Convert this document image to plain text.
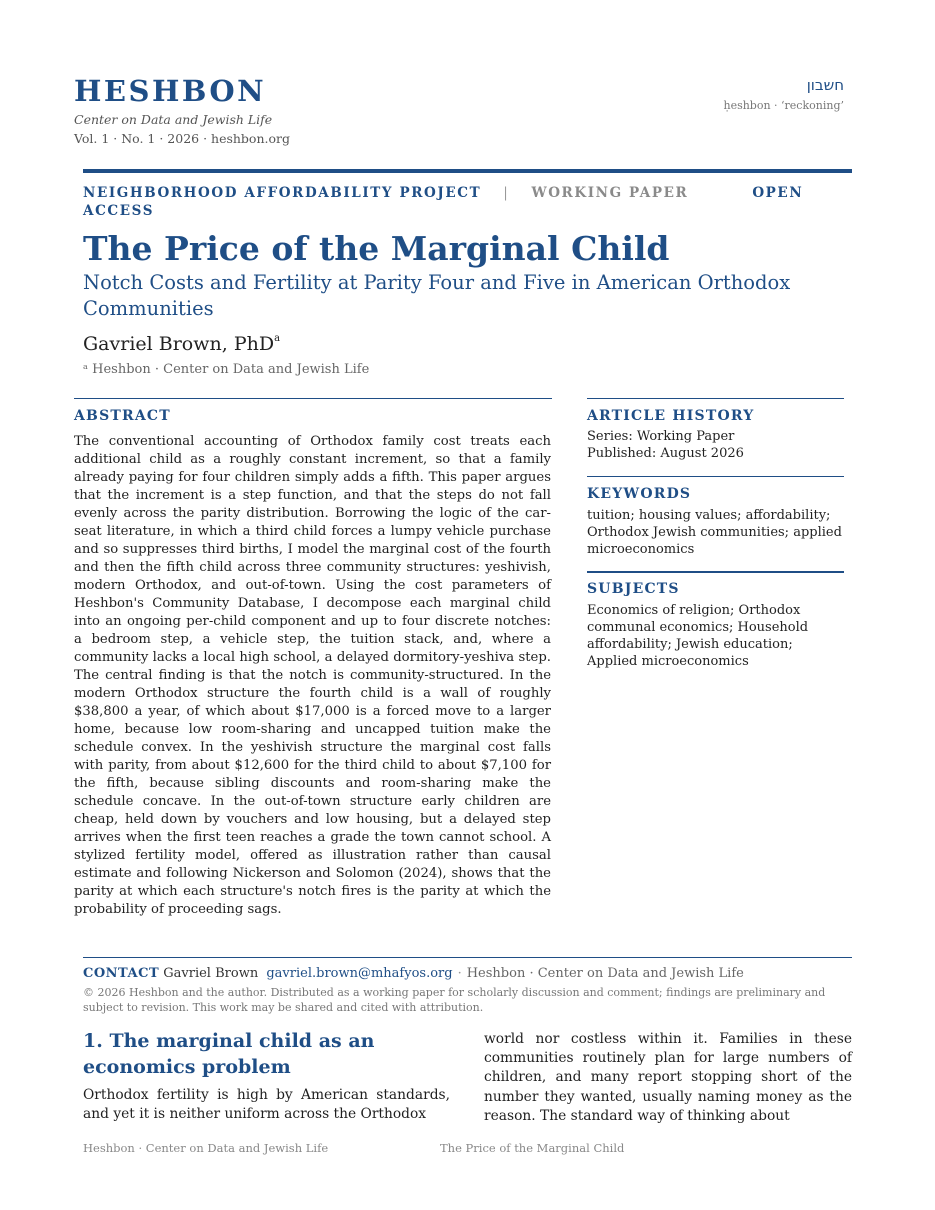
HESHBON
Center on Data and Jewish Life
Vol. 1 · No. 1 · 2026 · heshbon.org
חשבון
ḥeshbon · ‘reckoning’
NEIGHBORHOOD AFFORDABILITY PROJECT | WORKING PAPER	OPEN ACCESS
The Price of the Marginal Child
Notch Costs and Fertility at Parity Four and Five in American Orthodox Communities
Gavriel Brown, PhD$^a$
ᵃ Heshbon · Center on Data and Jewish Life
ABSTRACT
The conventional accounting of Orthodox family cost treats each additional child as a roughly constant increment, so that a family already paying for four children simply adds a fifth. This paper argues that the increment is a step function, and that the steps do not fall evenly across the parity distribution. Borrowing the logic of the car-seat literature, in which a third child forces a lumpy vehicle purchase and so suppresses third births, I model the marginal cost of the fourth and then the fifth child across three community structures: yeshivish, modern Orthodox, and out-of-town. Using the cost parameters of Heshbon's Community Database, I decompose each marginal child into an ongoing per-child component and up to four discrete notches: a bedroom step, a vehicle step, the tuition stack, and, where a community lacks a local high school, a delayed dormitory-yeshiva step. The central finding is that the notch is community-structured. In the modern Orthodox structure the fourth child is a wall of roughly $38,800 a year, of which about $17,000 is a forced move to a larger home, because low room-sharing and uncapped tuition make the schedule convex. In the yeshivish structure the marginal cost falls with parity, from about $12,600 for the third child to about $7,100 for the fifth, because sibling discounts and room-sharing make the schedule concave. In the out-of-town structure early children are cheap, held down by vouchers and low housing, but a delayed step arrives when the first teen reaches a grade the town cannot school. A stylized fertility model, offered as illustration rather than causal estimate and following Nickerson and Solomon (2024), shows that the parity at which each structure's notch fires is the parity at which the probability of proceeding sags.
ARTICLE HISTORY
Series: Working Paper
Published: August 2026
KEYWORDS
tuition; housing values; affordability; Orthodox Jewish communities; applied microeconomics
SUBJECTS
Economics of religion; Orthodox communal economics; Household affordability; Jewish education; Applied microeconomics
CONTACT Gavriel Brown gavriel.brown@mhafyos.org · Heshbon · Center on Data and Jewish Life
© 2026 Heshbon and the author. Distributed as a working paper for scholarly discussion and comment; findings are preliminary and subject to revision. This work may be shared and cited with attribution.
1. The marginal child as an economics problem
Orthodox fertility is high by American standards, and yet it is neither uniform across the Orthodox
world nor costless within it. Families in these communities routinely plan for large numbers of children, and many report stopping short of the number they wanted, usually naming money as the reason. The standard way of thinking about
Heshbon · Center on Data and Jewish Life	The Price of the Marginal Child
